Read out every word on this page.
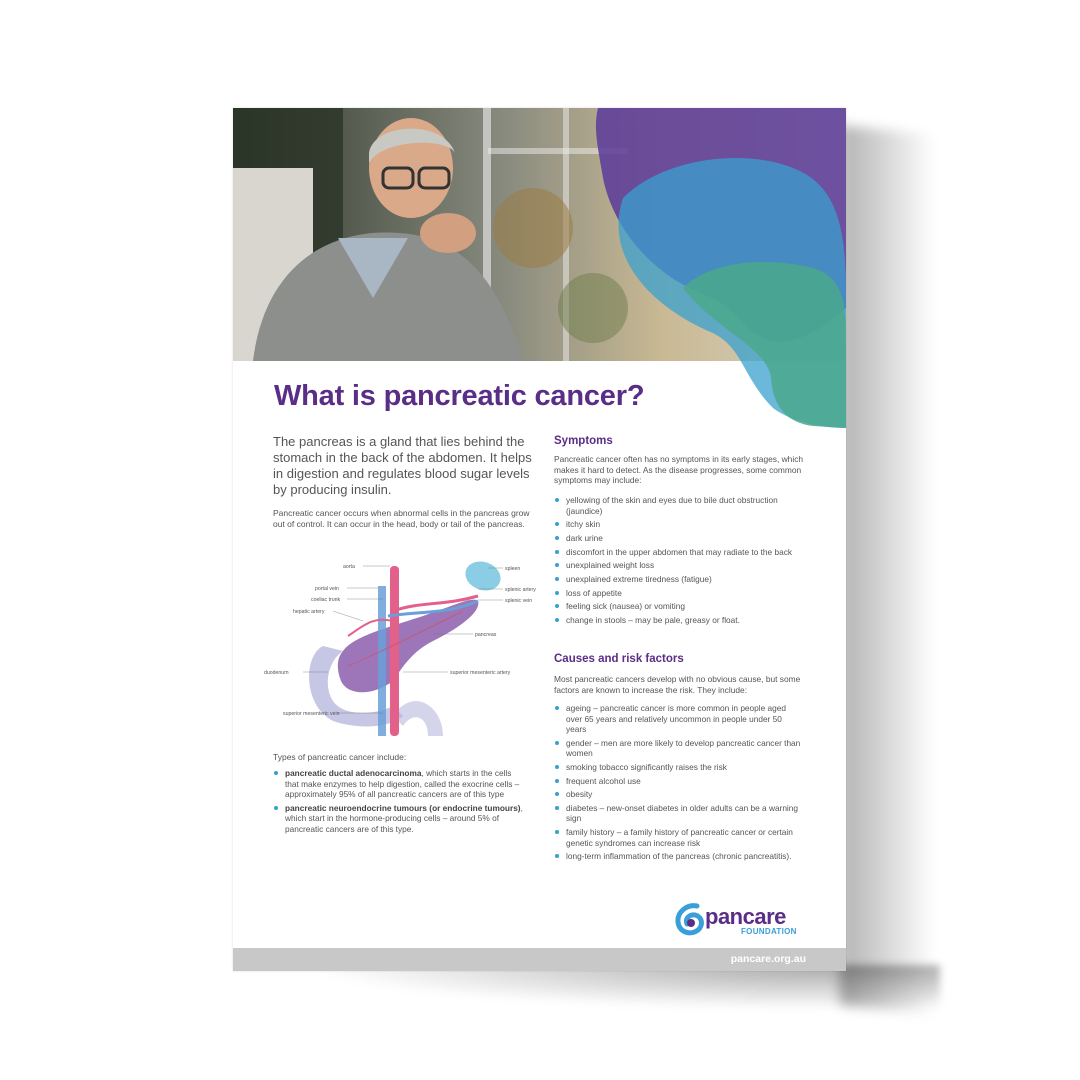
What is pancreatic cancer?

The pancreas is a gland that lies behind the stomach in the back of the abdomen. It helps in digestion and regulates blood sugar levels by producing insulin.

Pancreatic cancer occurs when abnormal cells in the pancreas grow out of control. It can occur in the head, body or tail of the pancreas.

aorta
portal vein
coeliac trunk
hepatic artery
duodenum
superior mesenteric vein
spleen
splenic artery
splenic vein
pancreas
superior mesenteric artery

Types of pancreatic cancer include:

pancreatic ductal adenocarcinoma, which starts in the cells that make enzymes to help digestion, called the exocrine cells – approximately 95% of all pancreatic cancers are of this type
pancreatic neuroendocrine tumours (or endocrine tumours), which start in the hormone-producing cells – around 5% of pancreatic cancers are of this type.
Symptoms

Pancreatic cancer often has no symptoms in its early stages, which makes it hard to detect. As the disease progresses, some common symptoms may include:

yellowing of the skin and eyes due to bile duct obstruction (jaundice)
itchy skin
dark urine
discomfort in the upper abdomen that may radiate to the back
unexplained weight loss
unexplained extreme tiredness (fatigue)
loss of appetite
feeling sick (nausea) or vomiting
change in stools – may be pale, greasy or float.
Causes and risk factors

Most pancreatic cancers develop with no obvious cause, but some factors are known to increase the risk. They include:

ageing – pancreatic cancer is more common in people aged over 65 years and relatively uncommon in people under 50 years
gender – men are more likely to develop pancreatic cancer than women
smoking tobacco significantly raises the risk
frequent alcohol use
obesity
diabetes – new-onset diabetes in older adults can be a warning sign
family history – a family history of pancreatic cancer or certain genetic syndromes can increase risk
long-term inflammation of the pancreas (chronic pancreatitis).
pancare
FOUNDATION
pancare.org.au
